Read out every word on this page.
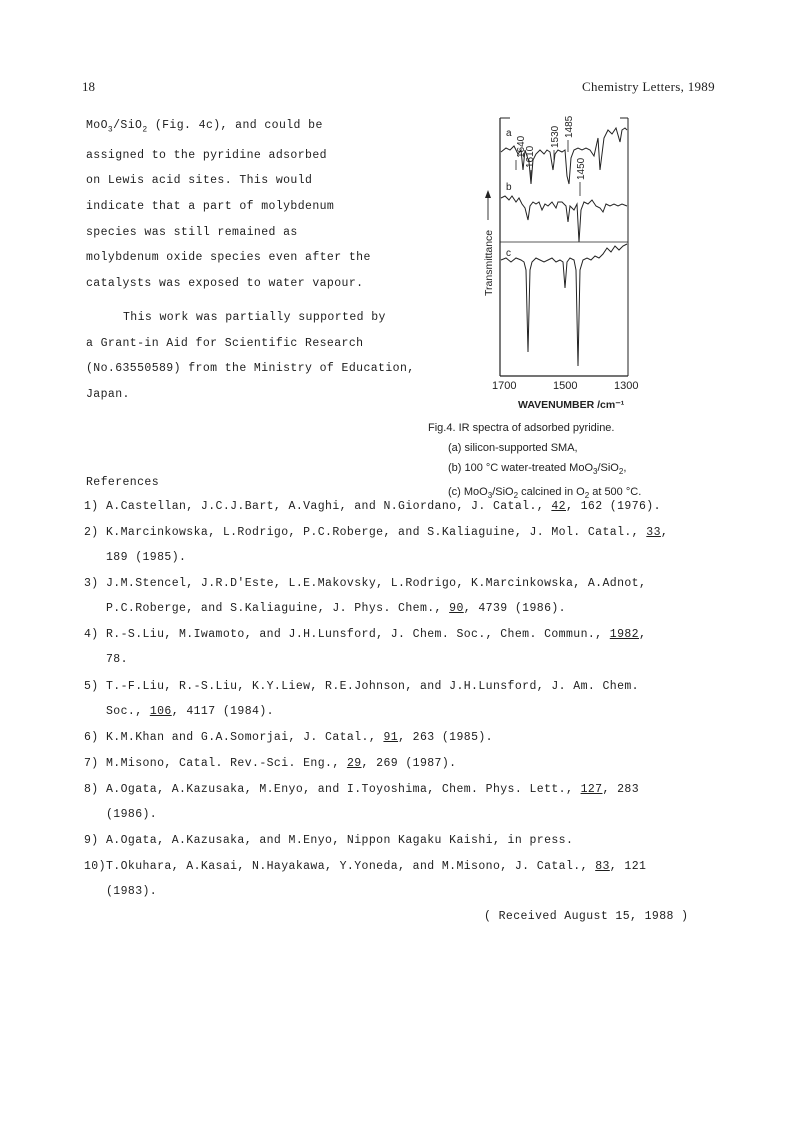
18	Chemistry Letters, 1989
MoO$_3$/SiO$_2$ (Fig. 4c), and could be
assigned to the pyridine adsorbed
on Lewis acid sites. This would
indicate that a part of molybdenum
species was still remained as
molybdenum oxide species even after the
catalysts was exposed to water vapour.
This work was partially supported by
a Grant-in Aid for Scientific Research
(No.63550589) from the Ministry of Education,
Japan.
1640
1610
1530 1485
1450
a
b
c
Transmittance
1700	1500	1300
WAVENUMBER /cm⁻¹
Fig.4. IR spectra of adsorbed pyridine.
(a) silicon-supported SMA,
(b) 100 °C water-treated MoO$_3$/SiO$_2$,
(c) MoO$_3$/SiO$_2$ calcined in $O_2$ at 500 °C.
References
1) A.Castellan, J.C.J.Bart, A.Vaghi, and N.Giordano, J. Catal., 42, 162 (1976).
2) K.Marcinkowska, L.Rodrigo, P.C.Roberge, and S.Kaliaguine, J. Mol. Catal., 33,
189 (1985).
3) J.M.Stencel, J.R.D'Este, L.E.Makovsky, L.Rodrigo, K.Marcinkowska, A.Adnot,
P.C.Roberge, and S.Kaliaguine, J. Phys. Chem., 90, 4739 (1986).
4) R.-S.Liu, M.Iwamoto, and J.H.Lunsford, J. Chem. Soc., Chem. Commun., 1982,
78.
5) T.-F.Liu, R.-S.Liu, K.Y.Liew, R.E.Johnson, and J.H.Lunsford, J. Am. Chem.
Soc., 106, 4117 (1984).
6) K.M.Khan and G.A.Somorjai, J. Catal., 91, 263 (1985).
7) M.Misono, Catal. Rev.-Sci. Eng., 29, 269 (1987).
8) A.Ogata, A.Kazusaka, M.Enyo, and I.Toyoshima, Chem. Phys. Lett., 127, 283
(1986).
9) A.Ogata, A.Kazusaka, and M.Enyo, Nippon Kagaku Kaishi, in press.
10)T.Okuhara, A.Kasai, N.Hayakawa, Y.Yoneda, and M.Misono, J. Catal., 83, 121
(1983).
( Received August 15, 1988 )
